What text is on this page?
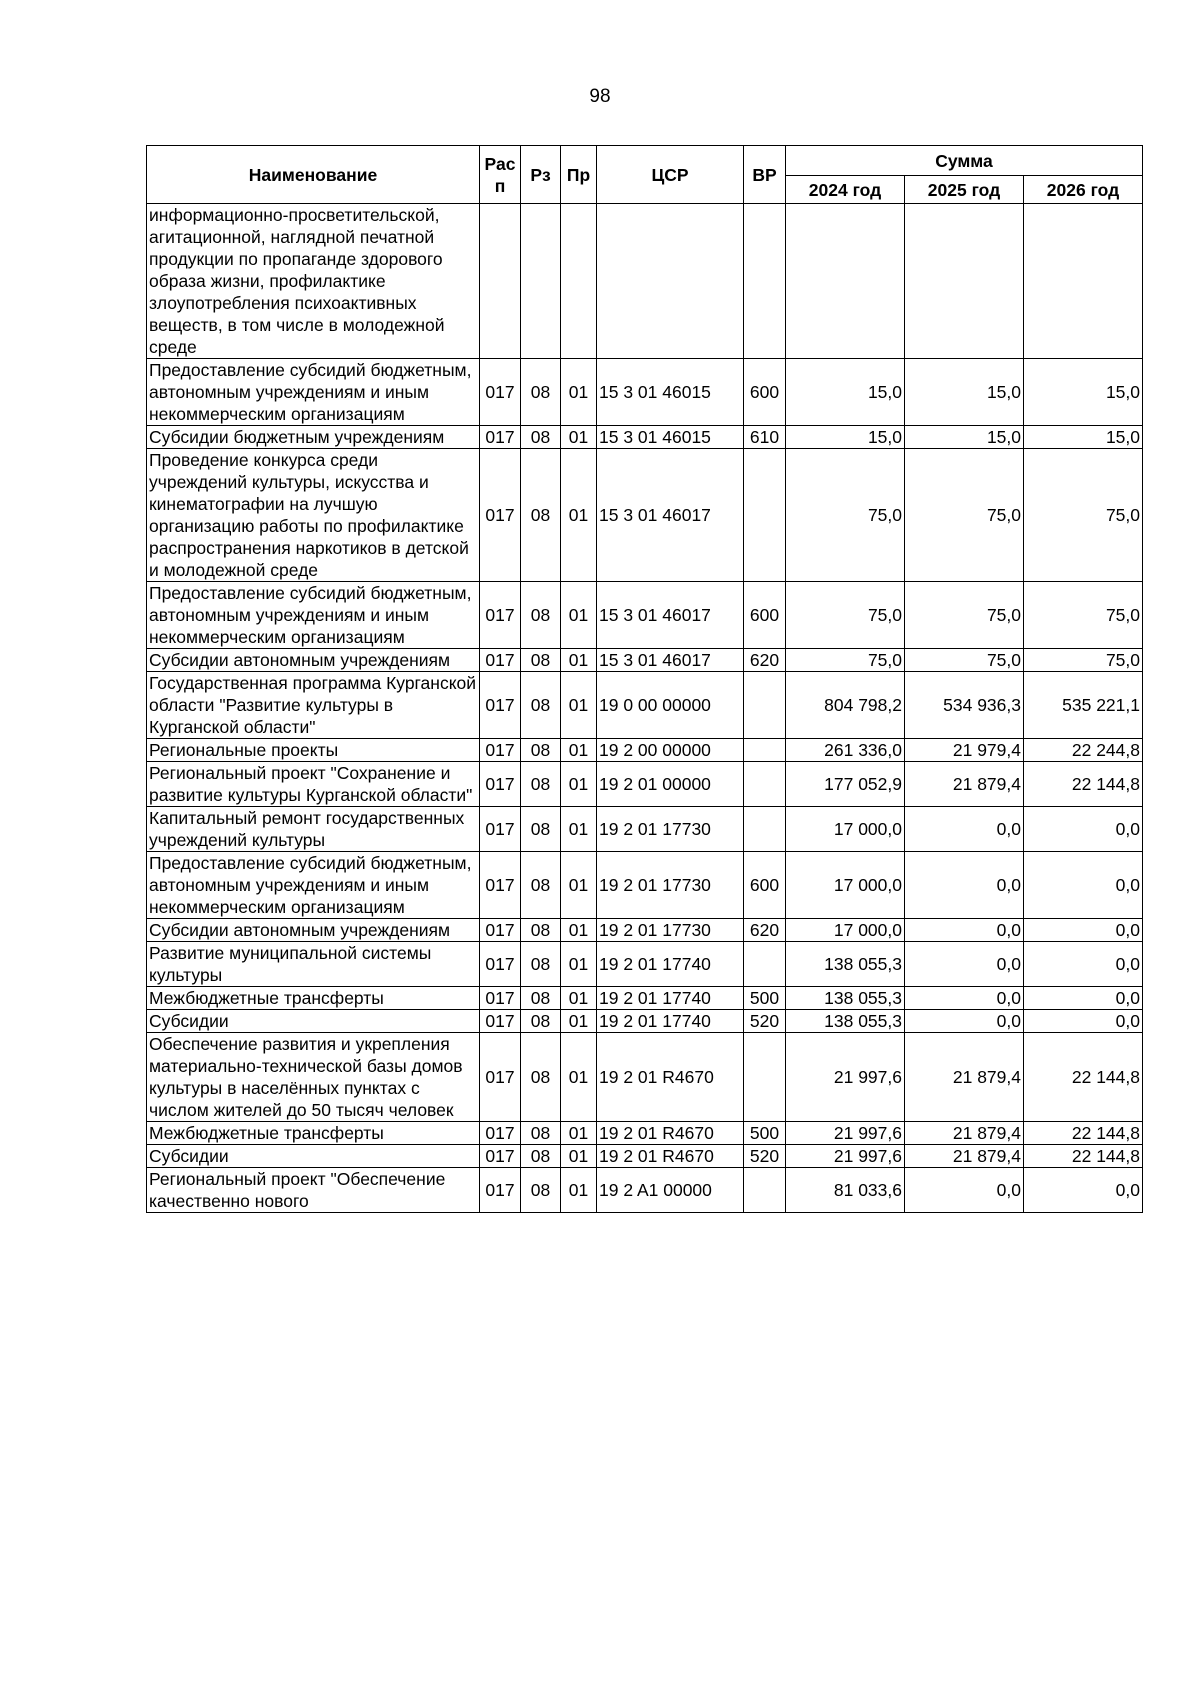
98
Наименование	Рас п	Рз	Пр	ЦСР	ВР	Сумма		
						2024 год	2025 год	2026 год
информационно-просветительской, агитационной, наглядной печатной продукции по пропаганде здорового образа жизни, профилактике злоупотребления психоактивных веществ, в том числе в молодежной среде								
Предоставление субсидий бюджетным, автономным учреждениям и иным некоммерческим организациям	017	08	01	15 3 01 46015	600	15,0	15,0	15,0
Субсидии бюджетным учреждениям	017	08	01	15 3 01 46015	610	15,0	15,0	15,0
Проведение конкурса среди учреждений культуры, искусства и кинематографии на лучшую организацию работы по профилактике распространения наркотиков в детской и молодежной среде	017	08	01	15 3 01 46017		75,0	75,0	75,0
Предоставление субсидий бюджетным, автономным учреждениям и иным некоммерческим организациям	017	08	01	15 3 01 46017	600	75,0	75,0	75,0
Субсидии автономным учреждениям	017	08	01	15 3 01 46017	620	75,0	75,0	75,0
Государственная программа Курганской области "Развитие культуры в Курганской области"	017	08	01	19 0 00 00000		804 798,2	534 936,3	535 221,1
Региональные проекты	017	08	01	19 2 00 00000		261 336,0	21 979,4	22 244,8
Региональный проект "Сохранение и развитие культуры Курганской области"	017	08	01	19 2 01 00000		177 052,9	21 879,4	22 144,8
Капитальный ремонт государственных учреждений культуры	017	08	01	19 2 01 17730		17 000,0	0,0	0,0
Предоставление субсидий бюджетным, автономным учреждениям и иным некоммерческим организациям	017	08	01	19 2 01 17730	600	17 000,0	0,0	0,0
Субсидии автономным учреждениям	017	08	01	19 2 01 17730	620	17 000,0	0,0	0,0
Развитие муниципальной системы культуры	017	08	01	19 2 01 17740		138 055,3	0,0	0,0
Межбюджетные трансферты	017	08	01	19 2 01 17740	500	138 055,3	0,0	0,0
Субсидии	017	08	01	19 2 01 17740	520	138 055,3	0,0	0,0
Обеспечение развития и укрепления материально-технической базы домов культуры в населённых пунктах с числом жителей до 50 тысяч человек	017	08	01	19 2 01 R4670		21 997,6	21 879,4	22 144,8
Межбюджетные трансферты	017	08	01	19 2 01 R4670	500	21 997,6	21 879,4	22 144,8
Субсидии	017	08	01	19 2 01 R4670	520	21 997,6	21 879,4	22 144,8
Региональный проект "Обеспечение качественно нового	017	08	01	19 2 A1 00000		81 033,6	0,0	0,0
